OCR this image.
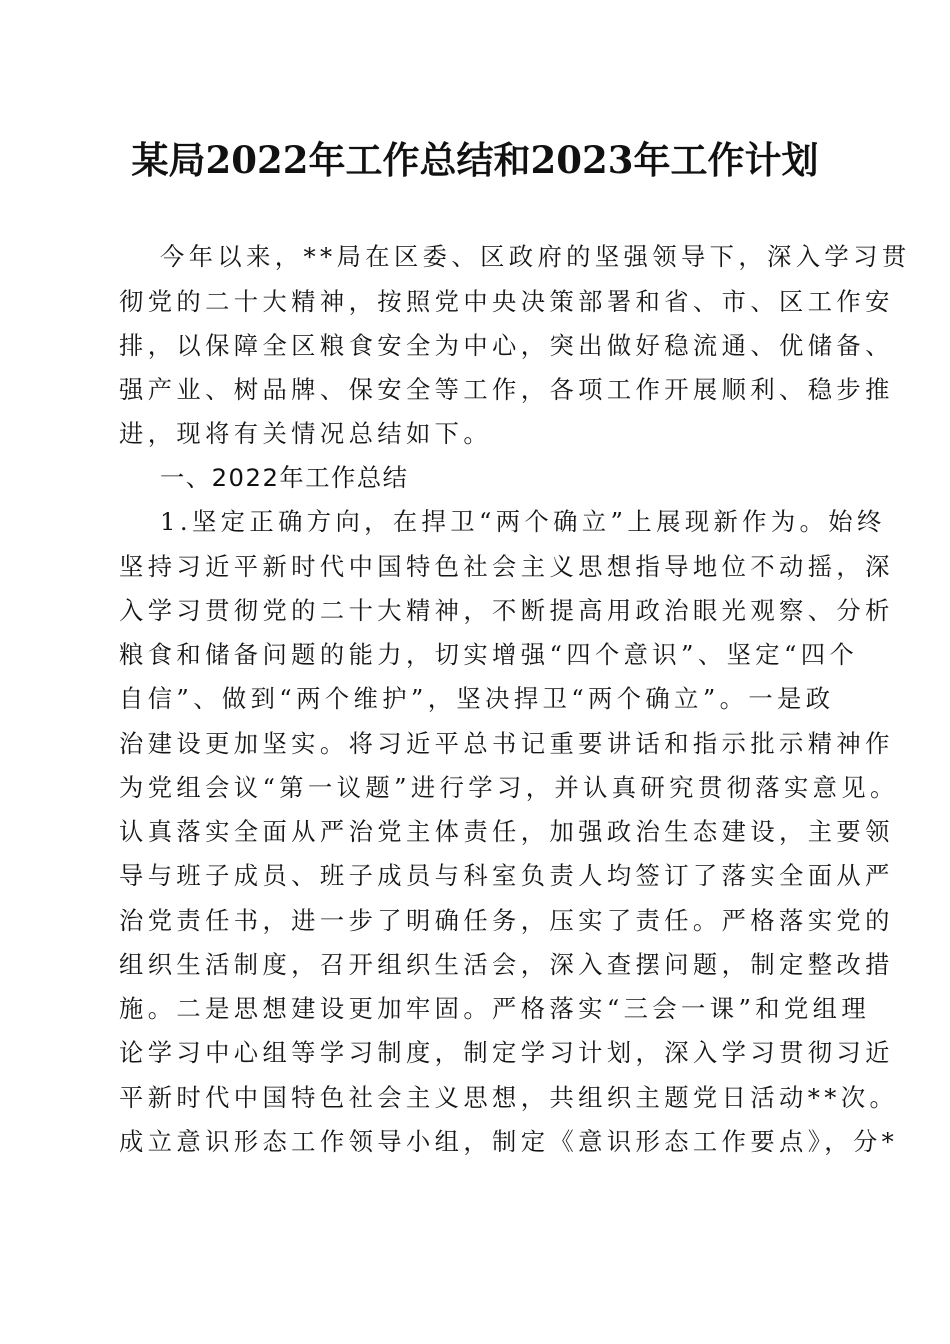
某局2022年工作总结和2023年工作计划
今年以来，**局在区委、区政府的坚强领导下，深入学习贯
彻党的二十大精神，按照党中央决策部署和省、市、区工作安
排，以保障全区粮食安全为中心，突出做好稳流通、优储备、
强产业、树品牌、保安全等工作，各项工作开展顺利、稳步推
进，现将有关情况总结如下。
一、2022年工作总结
1.坚定正确方向，在捍卫“两个确立”上展现新作为。始终
坚持习近平新时代中国特色社会主义思想指导地位不动摇，深
入学习贯彻党的二十大精神，不断提高用政治眼光观察、分析
粮食和储备问题的能力，切实增强“四个意识”、坚定“四个
自信”、做到“两个维护”，坚决捍卫“两个确立”。一是政
治建设更加坚实。将习近平总书记重要讲话和指示批示精神作
为党组会议“第一议题”进行学习，并认真研究贯彻落实意见。
认真落实全面从严治党主体责任，加强政治生态建设，主要领
导与班子成员、班子成员与科室负责人均签订了落实全面从严
治党责任书，进一步了明确任务，压实了责任。严格落实党的
组织生活制度，召开组织生活会，深入查摆问题，制定整改措
施。二是思想建设更加牢固。严格落实“三会一课”和党组理
论学习中心组等学习制度，制定学习计划，深入学习贯彻习近
平新时代中国特色社会主义思想，共组织主题党日活动**次。
成立意识形态工作领导小组，制定《意识形态工作要点》，分*
